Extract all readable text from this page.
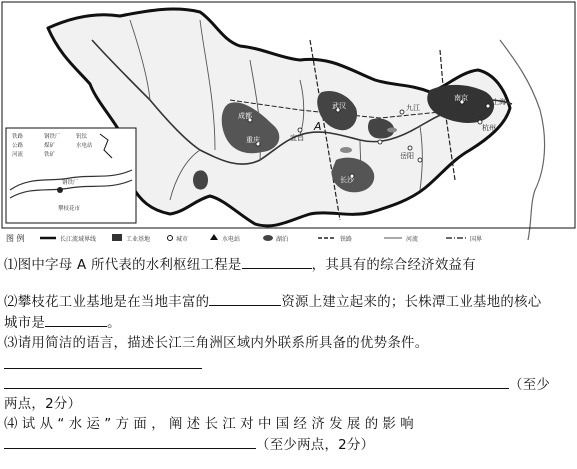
A
成都
重庆
武汉
长沙
南京	上海
杭州
宜昌
岳阳
九江
铁路
公路
河流
钢铁厂
煤矿
铁矿
钒钛
水电站
钢铁厂
攀枝花市
图 例	长江流域界线	工业基地	城市	水电站	湖泊	铁路	河流	国界
⑴图中字母 A 所代表的水利枢纽工程是	，其具有的综合经济效益有
⑵攀枝花工业基地是在当地丰富的	资源上建立起来的；长株潭工业基地的核心
城市是	。
⑶请用简洁的语言，描述长江三角洲区域内外联系所具备的优势条件。
（至少
两点，2分）
⑷试从“水运”方面，阐述长江对中国经济发展的影响
（至少两点，2分）
